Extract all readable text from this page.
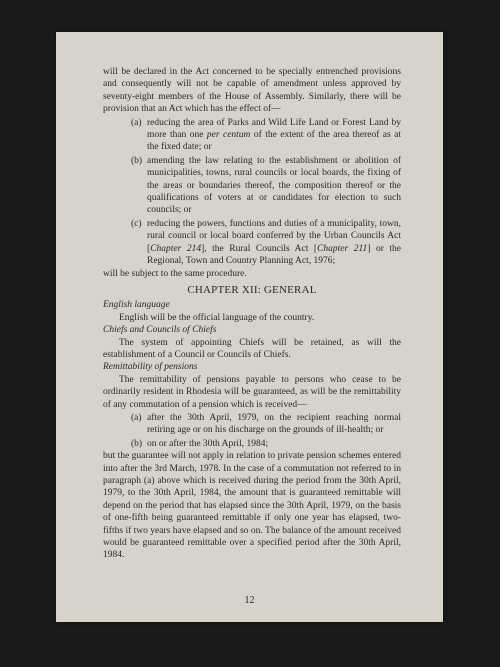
will be declared in the Act concerned to be specially entrenched provisions and consequently will not be capable of amendment unless approved by seventy-eight members of the House of Assembly. Similarly, there will be provision that an Act which has the effect of—

(a) reducing the area of Parks and Wild Life Land or Forest Land by more than one per centum of the extent of the area thereof as at the fixed date; or
(b) amending the law relating to the establishment or abolition of municipalities, towns, rural councils or local boards, the fixing of the areas or boundaries thereof, the composition thereof or the qualifications of voters at or candidates for election to such councils; or
(c) reducing the powers, functions and duties of a municipality, town, rural council or local board conferred by the Urban Councils Act [Chapter 214], the Rural Councils Act [Chapter 211] or the Regional, Town and Country Planning Act, 1976;

will be subject to the same procedure.

CHAPTER XII: GENERAL

English language

English will be the official language of the country.

Chiefs and Councils of Chiefs

The system of appointing Chiefs will be retained, as will the establishment of a Council or Councils of Chiefs.

Remittability of pensions

The remittability of pensions payable to persons who cease to be ordinarily resident in Rhodesia will be guaranteed, as will be the remittability of any commutation of a pension which is received—

(a) after the 30th April, 1979, on the recipient reaching normal retiring age or on his discharge on the grounds of ill-health; or
(b) on or after the 30th April, 1984;

but the guarantee will not apply in relation to private pension schemes entered into after the 3rd March, 1978. In the case of a commutation not referred to in paragraph (a) above which is received during the period from the 30th April, 1979, to the 30th April, 1984, the amount that is guaranteed remittable will depend on the period that has elapsed since the 30th April, 1979, on the basis of one-fifth being guaranteed remittable if only one year has elapsed, two-fifths if two years have elapsed and so on. The balance of the amount received would be guaranteed remittable over a specified period after the 30th April, 1984.

12
